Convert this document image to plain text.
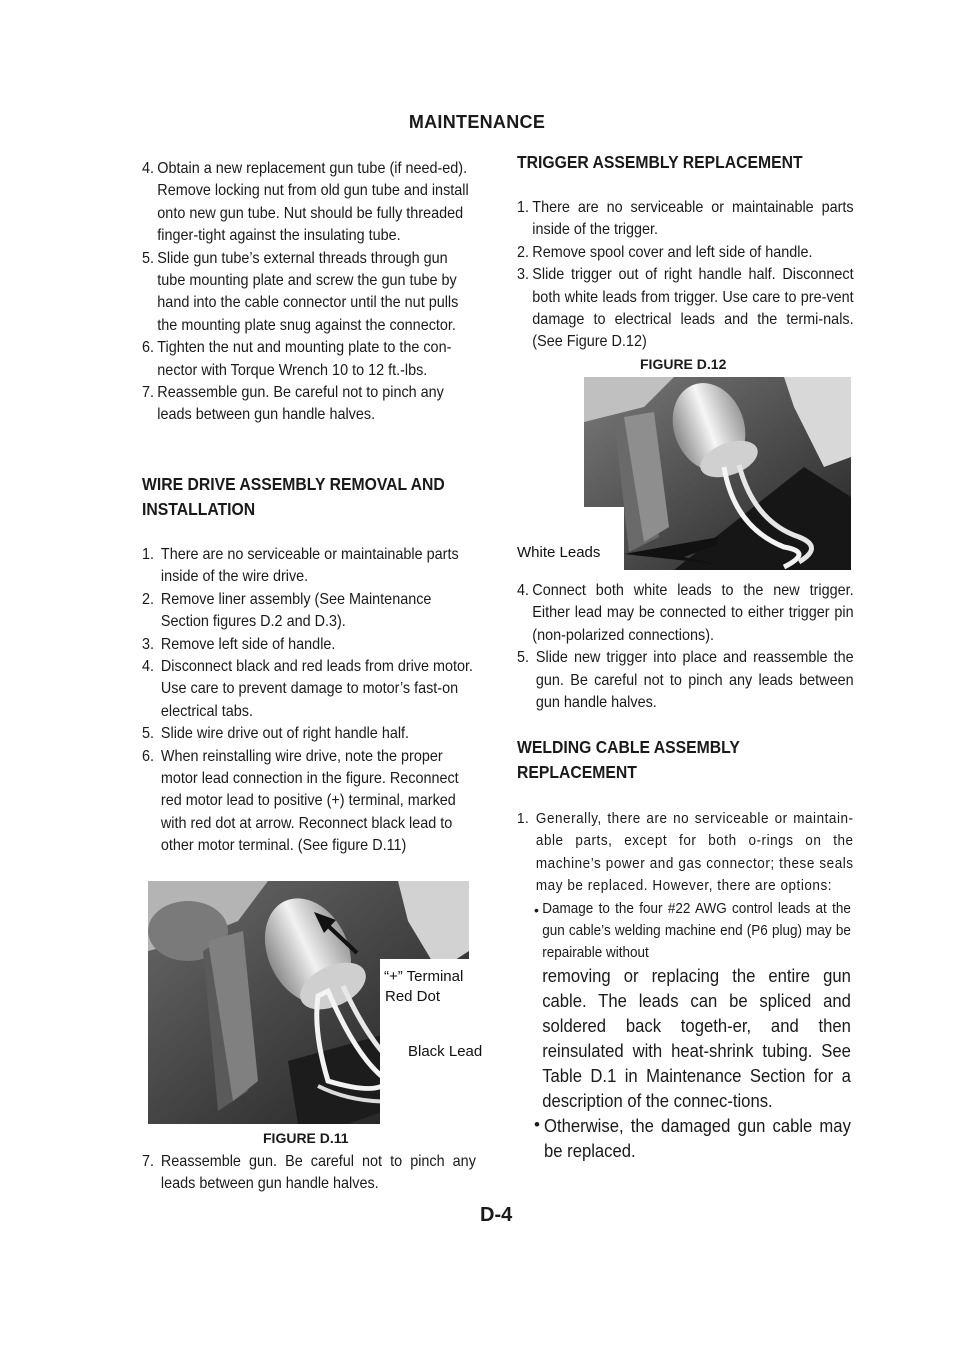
MAINTENANCE
4. Obtain a new replacement gun tube (if need-ed). Remove locking nut from old gun tube and install onto new gun tube. Nut should be fully threaded finger-tight against the insulating tube.
5. Slide gun tube’s external threads through gun tube mounting plate and screw the gun tube by hand into the cable connector until the nut pulls the mounting plate snug against the connector.
6. Tighten the nut and mounting plate to the con-nector with Torque Wrench 10 to 12 ft.-lbs.
7. Reassemble gun. Be careful not to pinch any leads between gun handle halves.
WIRE DRIVE ASSEMBLY REMOVAL AND INSTALLATION
1. There are no serviceable or maintainable parts inside of the wire drive.
2. Remove liner assembly (See Maintenance Section figures D.2 and D.3).
3. Remove left side of handle.
4. Disconnect black and red leads from drive motor. Use care to prevent damage to motor’s fast-on electrical tabs.
5. Slide wire drive out of right handle half.
6. When reinstalling wire drive, note the proper motor lead connection in the figure. Reconnect red motor lead to positive (+) terminal, marked with red dot at arrow. Reconnect black lead to other motor terminal. (See figure D.11)
“+” Terminal
Red Dot
Black Lead
FIGURE D.11
7. Reassemble gun. Be careful not to pinch any leads between gun handle halves.
TRIGGER ASSEMBLY REPLACEMENT
1. There are no serviceable or maintainable parts inside of the trigger.
2. Remove spool cover and left side of handle.
3. Slide trigger out of right handle half. Disconnect both white leads from trigger. Use care to pre-vent damage to electrical leads and the termi-nals. (See Figure D.12)
FIGURE D.12
White Leads
4. Connect both white leads to the new trigger. Either lead may be connected to either trigger pin (non-polarized connections).
5. Slide new trigger into place and reassemble the gun. Be careful not to pinch any leads between gun handle halves.
WELDING CABLE ASSEMBLY REPLACEMENT
1. Generally, there are no serviceable or maintain-able parts, except for both o-rings on the machine’s power and gas connector; these seals may be replaced. However, there are options:
• Damage to the four #22 AWG control leads at the gun cable’s welding machine end (P6 plug) may be repairable without
removing or replacing the entire gun cable. The leads can be spliced and soldered back togeth-er, and then reinsulated with heat-shrink tubing. See Table D.1 in Maintenance Section for a description of the connec-tions.
• Otherwise, the damaged gun cable may be replaced.
D-4
